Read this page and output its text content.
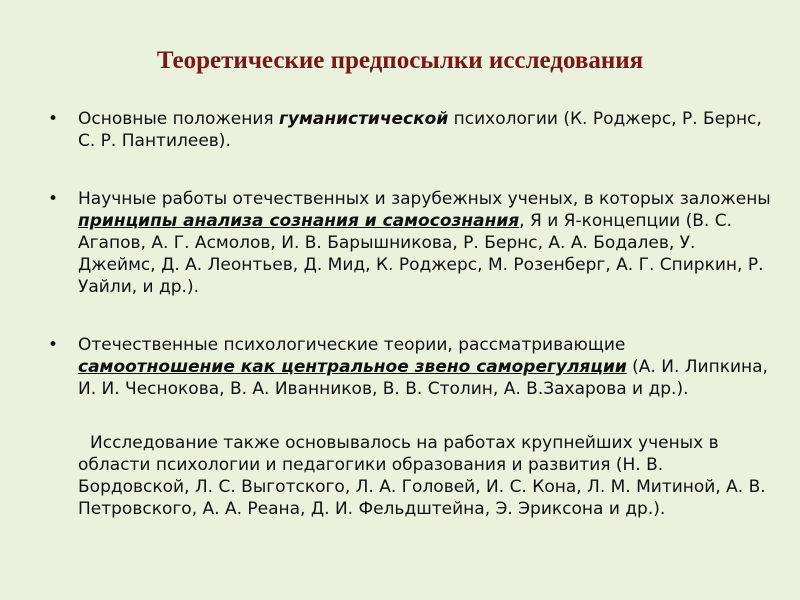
Теоретические предпосылки исследования

• Основные положения гуманистической психологии (К. Роджерс, Р. Бернс, С. Р. Пантилеев).

• Научные работы отечественных и зарубежных ученых, в которых заложены принципы анализа сознания и самосознания, Я и Я-концепции (В. С. Агапов, А. Г. Асмолов, И. В. Барышникова, Р. Бернс, А. А. Бодалев, У. Джеймс, Д. А. Леонтьев, Д. Мид, К. Роджерс, М. Розенберг, А. Г. Спиркин, Р. Уайли, и др.).

• Отечественные психологические теории, рассматривающие самоотношение как центральное звено саморегуляции (А. И. Липкина, И. И. Чеснокова, В. А. Иванников, В. В. Столин, А. В.Захарова и др.).

Исследование также основывалось на работах крупнейших ученых в области психологии и педагогики образования и развития (Н. В. Бордовской, Л. С. Выготского, Л. А. Головей, И. С. Кона, Л. М. Митиной, А. В. Петровского, А. А. Реана, Д. И. Фельдштейна, Э. Эриксона и др.).
